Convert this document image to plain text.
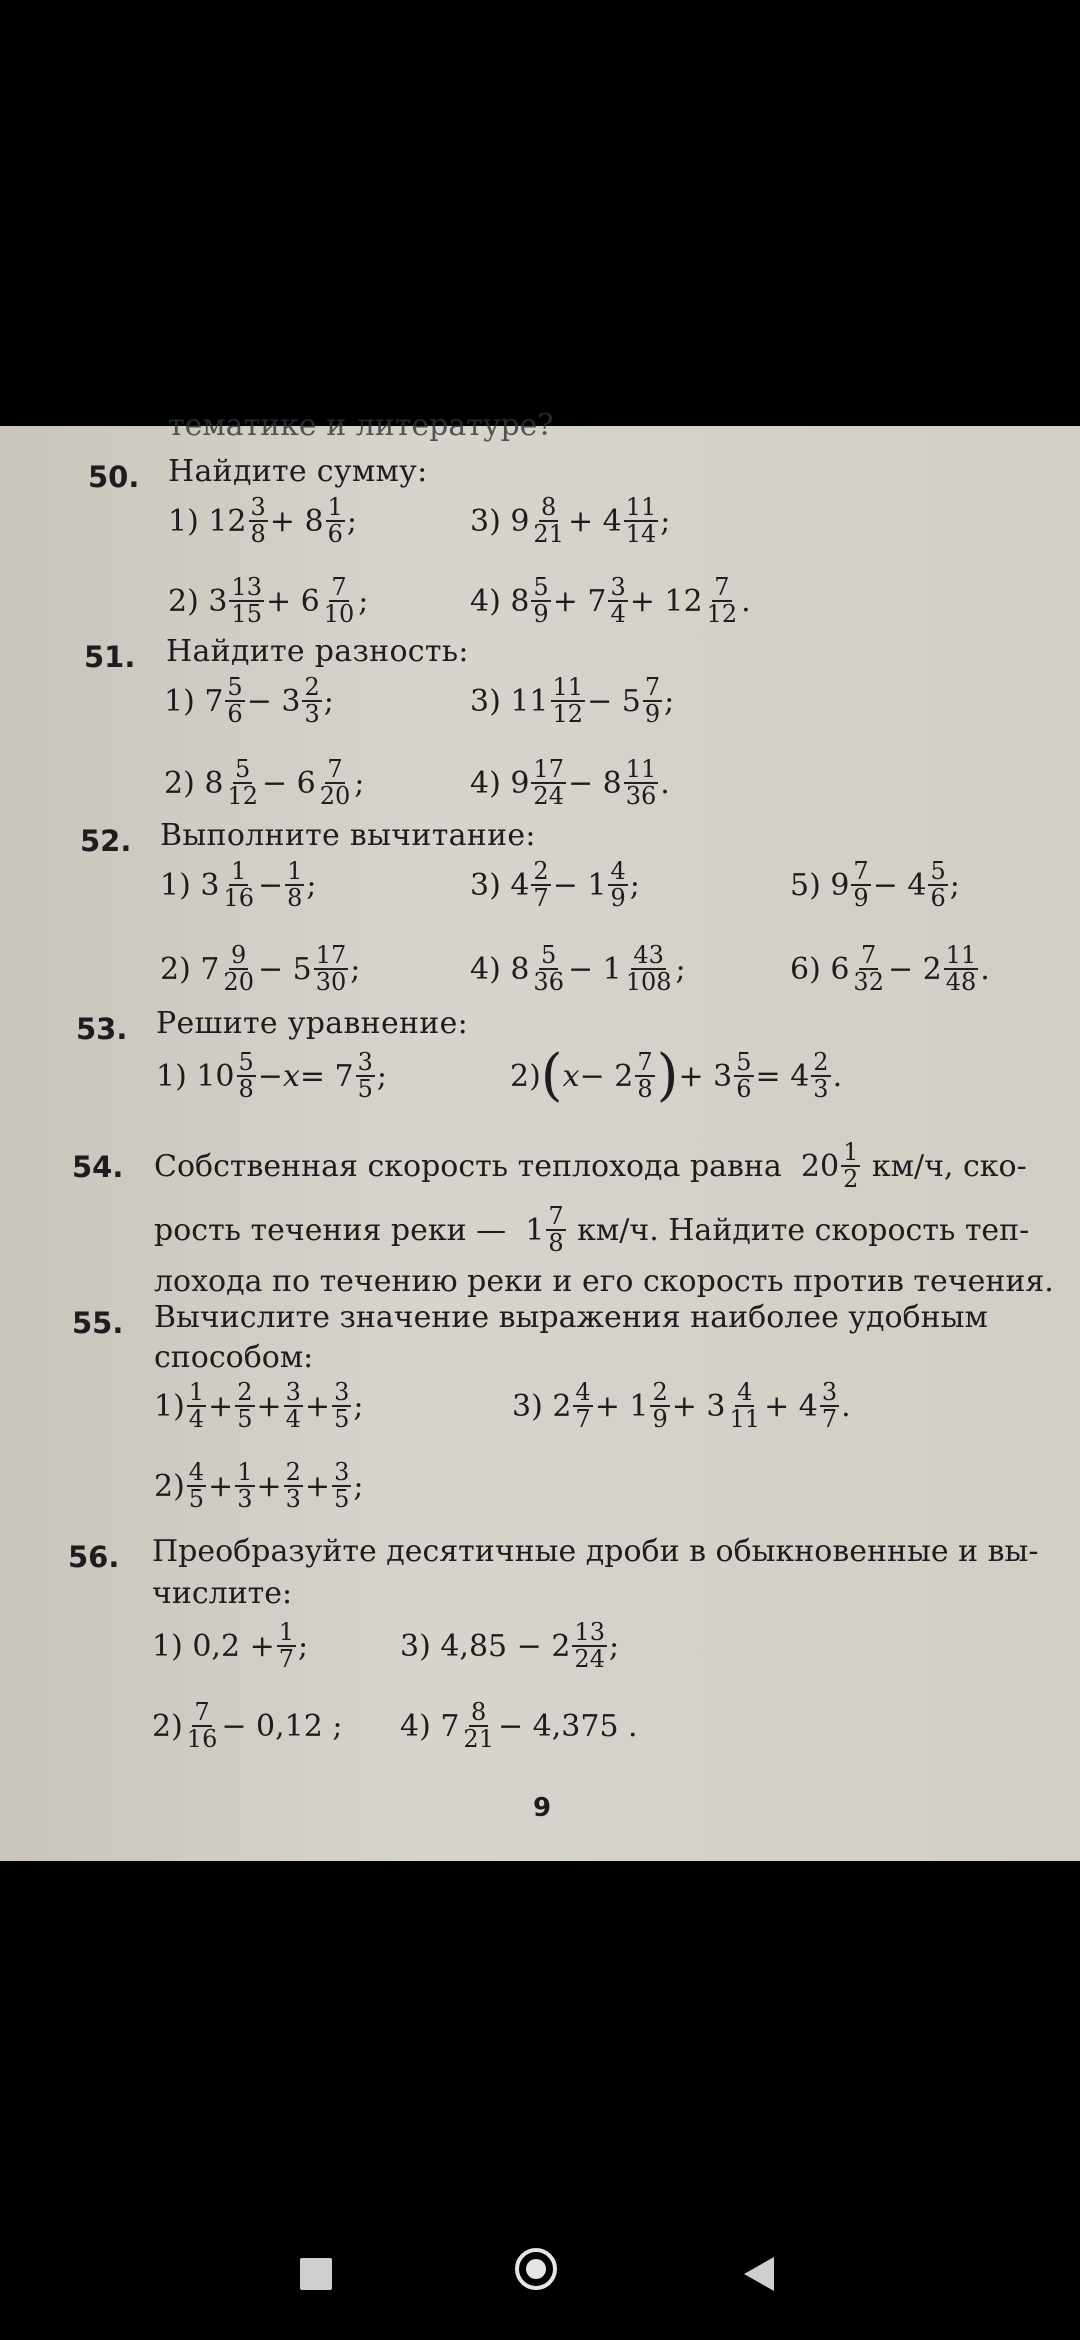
тематике и литературе?
50. Найдите сумму:
1) $12 \frac{3}{8} + 8 \frac{1}{6}$ ;	3) $9 \frac{8}{21} + 4 \frac{11}{14}$ ;
2) $3 \frac{13}{15} + 6 \frac{7}{10}$ ;	4) $8 \frac{5}{9} + 7 \frac{3}{4} + 12 \frac{7}{12}$ .
51. Найдите разность:
1) $7 \frac{5}{6} - 3 \frac{2}{3}$ ;	3) $11 \frac{11}{12} - 5 \frac{7}{9}$ ;
2) $8 \frac{5}{12} - 6 \frac{7}{20}$ ;	4) $9 \frac{17}{24} - 8 \frac{11}{36}$ .
52. Выполните вычитание:
1) $3 \frac{1}{16} - \frac{1}{8}$ ;	3) $4 \frac{2}{7} - 1 \frac{4}{9}$ ;	5) $9 \frac{7}{9} - 4 \frac{5}{6}$ ;
2) $7 \frac{9}{20} - 5 \frac{17}{30}$ ;	4) $8 \frac{5}{36} - 1 \frac{43}{108}$ ;	6) $6 \frac{7}{32} - 2 \frac{11}{48}$ .
53. Решите уравнение:
1) $10 \frac{5}{8} - x = 7 \frac{3}{5}$ ;	2) ( $x - 2 \frac{7}{8}$ ) + $3 \frac{5}{6} = 4 \frac{2}{3}$ .
54. Собственная скорость теплохода равна $20 \frac{1}{2}$
км/ч, ско-
рость течения реки — $1 \frac{7}{8}$
км/ч. Найдите скорость теп-
лохода по течению реки и его скорость против течения.
55. Вычислите значение выражения наиболее удобным
способом:
$1) \frac{1}{4} + \frac{2}{5} + \frac{3}{4} + \frac{3}{5}$ ;	3) $2 \frac{4}{7} + 1 \frac{2}{9} + 3 \frac{4}{11} + 4 \frac{3}{7}$ .
$2) \frac{4}{5} + \frac{1}{3} + \frac{2}{3} + \frac{3}{5}$ ;
56. Преобразуйте десятичные дроби в обыкновенные и вы-
числите:
1) $0,2 + \frac{1}{7}$ ;	3) $4,85 - 2 \frac{13}{24}$ ;
$2) \frac{7}{16} - 0,12$ ; 4) $7 \frac{8}{21} - 4,375$ .
9
